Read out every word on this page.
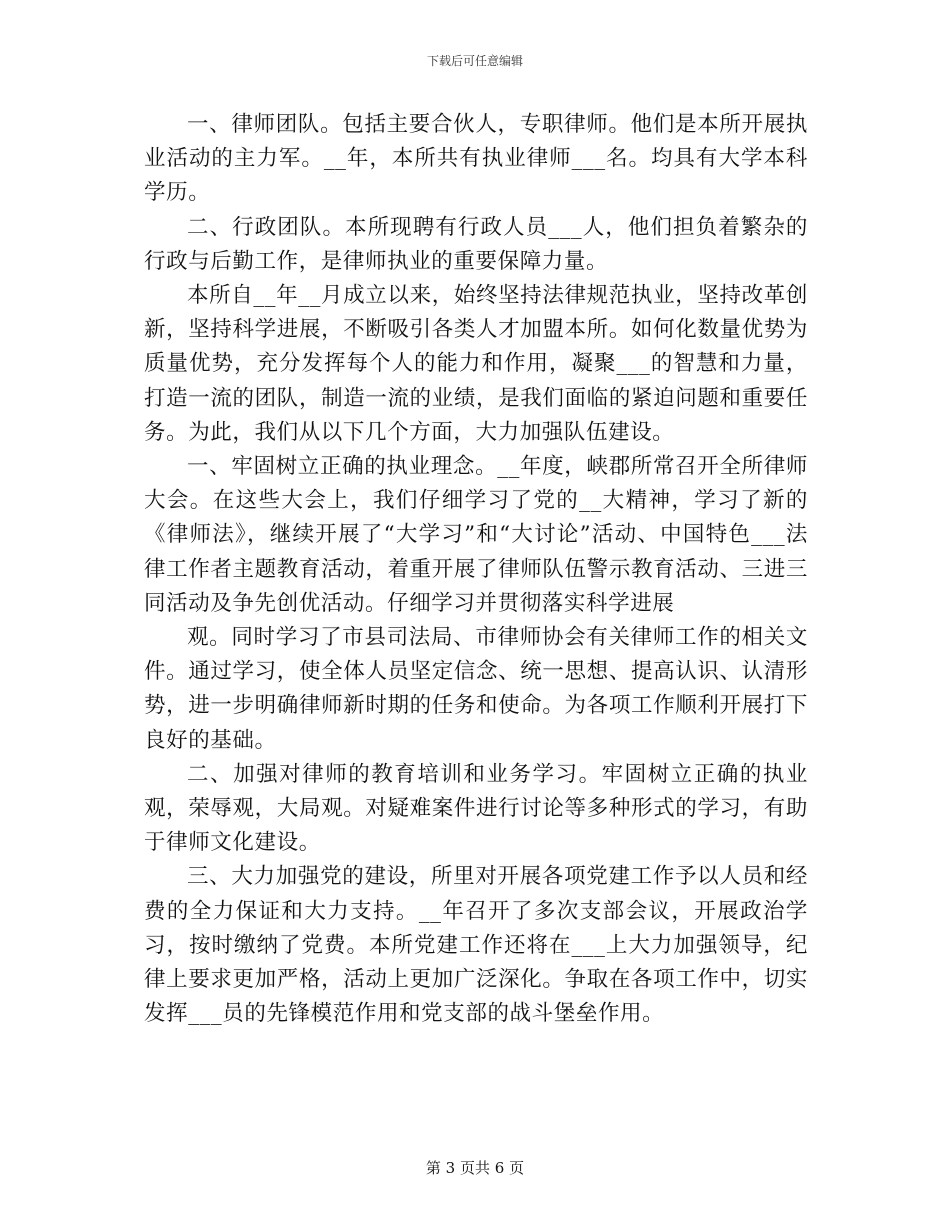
下载后可任意编辑

一、律师团队。包括主要合伙人，专职律师。他们是本所开展执业活动的主力军。__年，本所共有执业律师___名。均具有大学本科学历。

二、行政团队。本所现聘有行政人员___人，他们担负着繁杂的行政与后勤工作，是律师执业的重要保障力量。

本所自__年__月成立以来，始终坚持法律规范执业，坚持改革创新，坚持科学进展，不断吸引各类人才加盟本所。如何化数量优势为质量优势，充分发挥每个人的能力和作用，凝聚___的智慧和力量，打造一流的团队，制造一流的业绩，是我们面临的紧迫问题和重要任务。为此，我们从以下几个方面，大力加强队伍建设。

一、牢固树立正确的执业理念。__年度，峡郡所常召开全所律师大会。在这些大会上，我们仔细学习了党的__大精神，学习了新的《律师法》，继续开展了“大学习”和“大讨论”活动、中国特色___法律工作者主题教育活动，着重开展了律师队伍警示教育活动、三进三同活动及争先创优活动。仔细学习并贯彻落实科学进展

观。同时学习了市县司法局、市律师协会有关律师工作的相关文件。通过学习，使全体人员坚定信念、统一思想、提高认识、认清形势，进一步明确律师新时期的任务和使命。为各项工作顺利开展打下良好的基础。

二、加强对律师的教育培训和业务学习。牢固树立正确的执业观，荣辱观，大局观。对疑难案件进行讨论等多种形式的学习，有助于律师文化建设。

三、大力加强党的建设，所里对开展各项党建工作予以人员和经费的全力保证和大力支持。__年召开了多次支部会议，开展政治学习，按时缴纳了党费。本所党建工作还将在___上大力加强领导，纪律上要求更加严格，活动上更加广泛深化。争取在各项工作中，切实发挥___员的先锋模范作用和党支部的战斗堡垒作用。

第 3 页共 6 页
